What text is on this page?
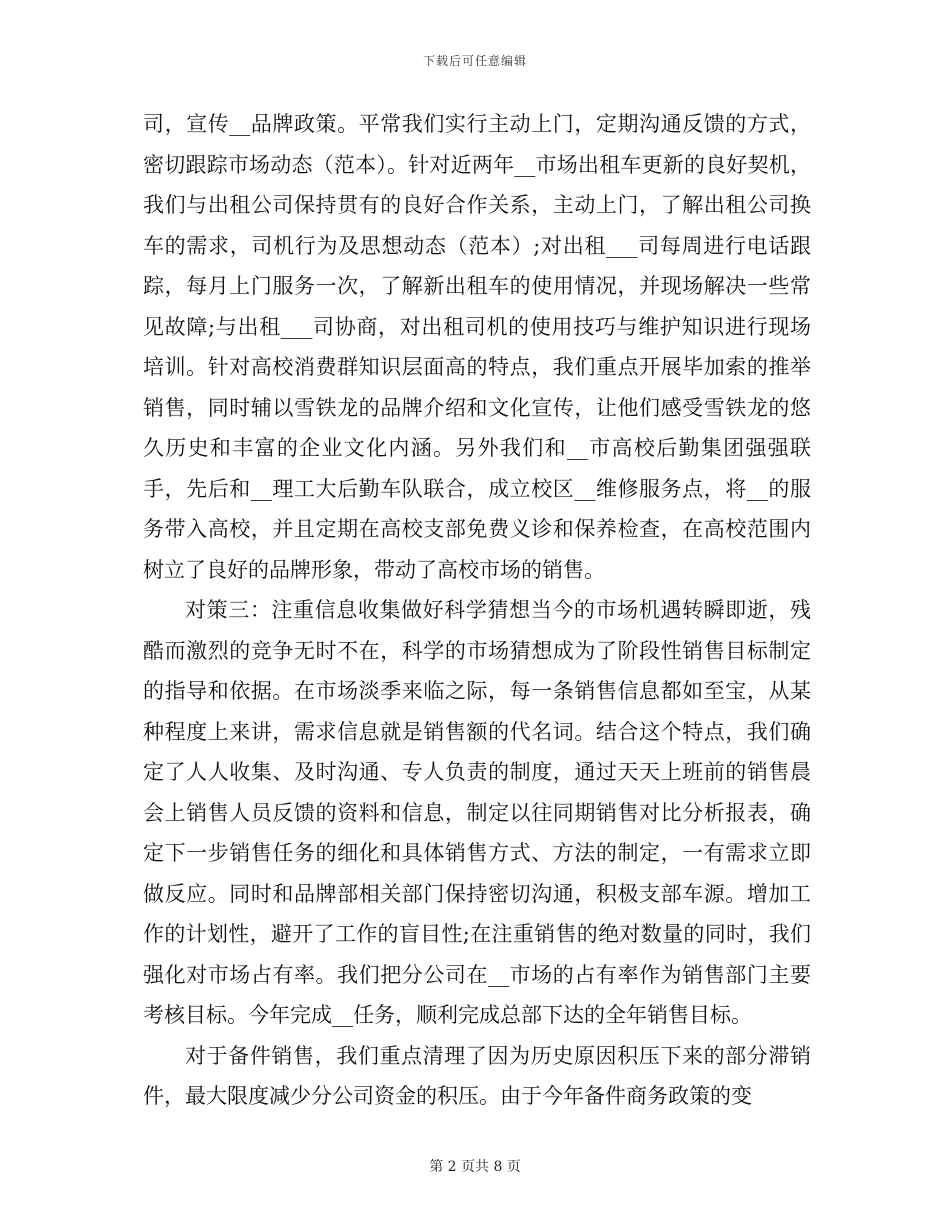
下载后可任意编辑

司，宣传__品牌政策。平常我们实行主动上门，定期沟通反馈的方式，密切跟踪市场动态（范本）。针对近两年__市场出租车更新的良好契机，我们与出租公司保持贯有的良好合作关系，主动上门，了解出租公司换车的需求，司机行为及思想动态（范本）;对出租___司每周进行电话跟踪，每月上门服务一次，了解新出租车的使用情况，并现场解决一些常见故障;与出租___司协商，对出租司机的使用技巧与维护知识进行现场培训。针对高校消费群知识层面高的特点，我们重点开展毕加索的推举销售，同时辅以雪铁龙的品牌介绍和文化宣传，让他们感受雪铁龙的悠久历史和丰富的企业文化内涵。另外我们和__市高校后勤集团强强联手，先后和__理工大后勤车队联合，成立校区__维修服务点，将__的服务带入高校，并且定期在高校支部免费义诊和保养检查，在高校范围内树立了良好的品牌形象，带动了高校市场的销售。

对策三：注重信息收集做好科学猜想当今的市场机遇转瞬即逝，残酷而激烈的竞争无时不在，科学的市场猜想成为了阶段性销售目标制定的指导和依据。在市场淡季来临之际，每一条销售信息都如至宝，从某种程度上来讲，需求信息就是销售额的代名词。结合这个特点，我们确定了人人收集、及时沟通、专人负责的制度，通过天天上班前的销售晨会上销售人员反馈的资料和信息，制定以往同期销售对比分析报表，确定下一步销售任务的细化和具体销售方式、方法的制定，一有需求立即做反应。同时和品牌部相关部门保持密切沟通，积极支部车源。增加工作的计划性，避开了工作的盲目性;在注重销售的绝对数量的同时，我们强化对市场占有率。我们把分公司在__市场的占有率作为销售部门主要考核目标。今年完成__任务，顺利完成总部下达的全年销售目标。

对于备件销售，我们重点清理了因为历史原因积压下来的部分滞销件，最大限度减少分公司资金的积压。由于今年备件商务政策的变

第 2 页共 8 页
